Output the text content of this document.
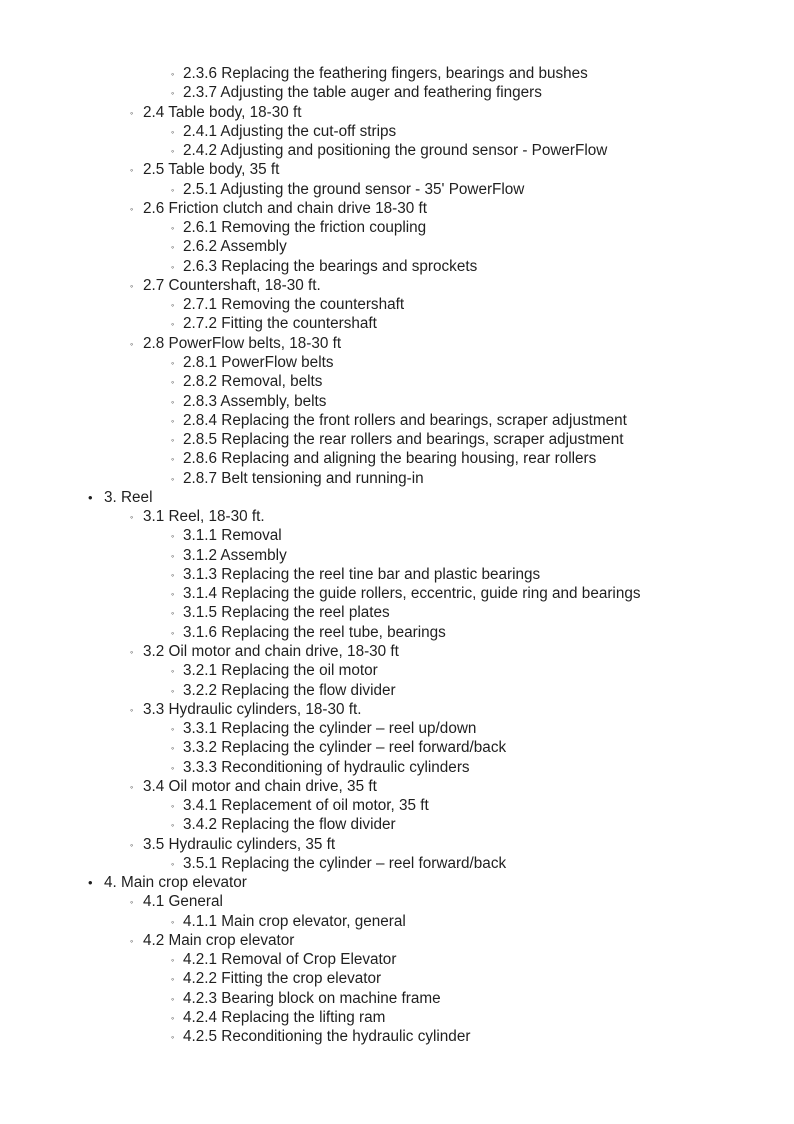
◦ 2.3.6 Replacing the feathering fingers, bearings and bushes
◦ 2.3.7 Adjusting the table auger and feathering fingers
◦ 2.4 Table body, 18-30 ft
◦ 2.4.1 Adjusting the cut-off strips
◦ 2.4.2 Adjusting and positioning the ground sensor - PowerFlow
◦ 2.5 Table body, 35 ft
◦ 2.5.1 Adjusting the ground sensor - 35' PowerFlow
◦ 2.6 Friction clutch and chain drive 18-30 ft
◦ 2.6.1 Removing the friction coupling
◦ 2.6.2 Assembly
◦ 2.6.3 Replacing the bearings and sprockets
◦ 2.7 Countershaft, 18-30 ft.
◦ 2.7.1 Removing the countershaft
◦ 2.7.2 Fitting the countershaft
◦ 2.8 PowerFlow belts, 18-30 ft
◦ 2.8.1 PowerFlow belts
◦ 2.8.2 Removal, belts
◦ 2.8.3 Assembly, belts
◦ 2.8.4 Replacing the front rollers and bearings, scraper adjustment
◦ 2.8.5 Replacing the rear rollers and bearings, scraper adjustment
◦ 2.8.6 Replacing and aligning the bearing housing, rear rollers
◦ 2.8.7 Belt tensioning and running-in
• 3. Reel
◦ 3.1 Reel, 18-30 ft.
◦ 3.1.1 Removal
◦ 3.1.2 Assembly
◦ 3.1.3 Replacing the reel tine bar and plastic bearings
◦ 3.1.4 Replacing the guide rollers, eccentric, guide ring and bearings
◦ 3.1.5 Replacing the reel plates
◦ 3.1.6 Replacing the reel tube, bearings
◦ 3.2 Oil motor and chain drive, 18-30 ft
◦ 3.2.1 Replacing the oil motor
◦ 3.2.2 Replacing the flow divider
◦ 3.3 Hydraulic cylinders, 18-30 ft.
◦ 3.3.1 Replacing the cylinder – reel up/down
◦ 3.3.2 Replacing the cylinder – reel forward/back
◦ 3.3.3 Reconditioning of hydraulic cylinders
◦ 3.4 Oil motor and chain drive, 35 ft
◦ 3.4.1 Replacement of oil motor, 35 ft
◦ 3.4.2 Replacing the flow divider
◦ 3.5 Hydraulic cylinders, 35 ft
◦ 3.5.1 Replacing the cylinder – reel forward/back
• 4. Main crop elevator
◦ 4.1 General
◦ 4.1.1 Main crop elevator, general
◦ 4.2 Main crop elevator
◦ 4.2.1 Removal of Crop Elevator
◦ 4.2.2 Fitting the crop elevator
◦ 4.2.3 Bearing block on machine frame
◦ 4.2.4 Replacing the lifting ram
◦ 4.2.5 Reconditioning the hydraulic cylinder
